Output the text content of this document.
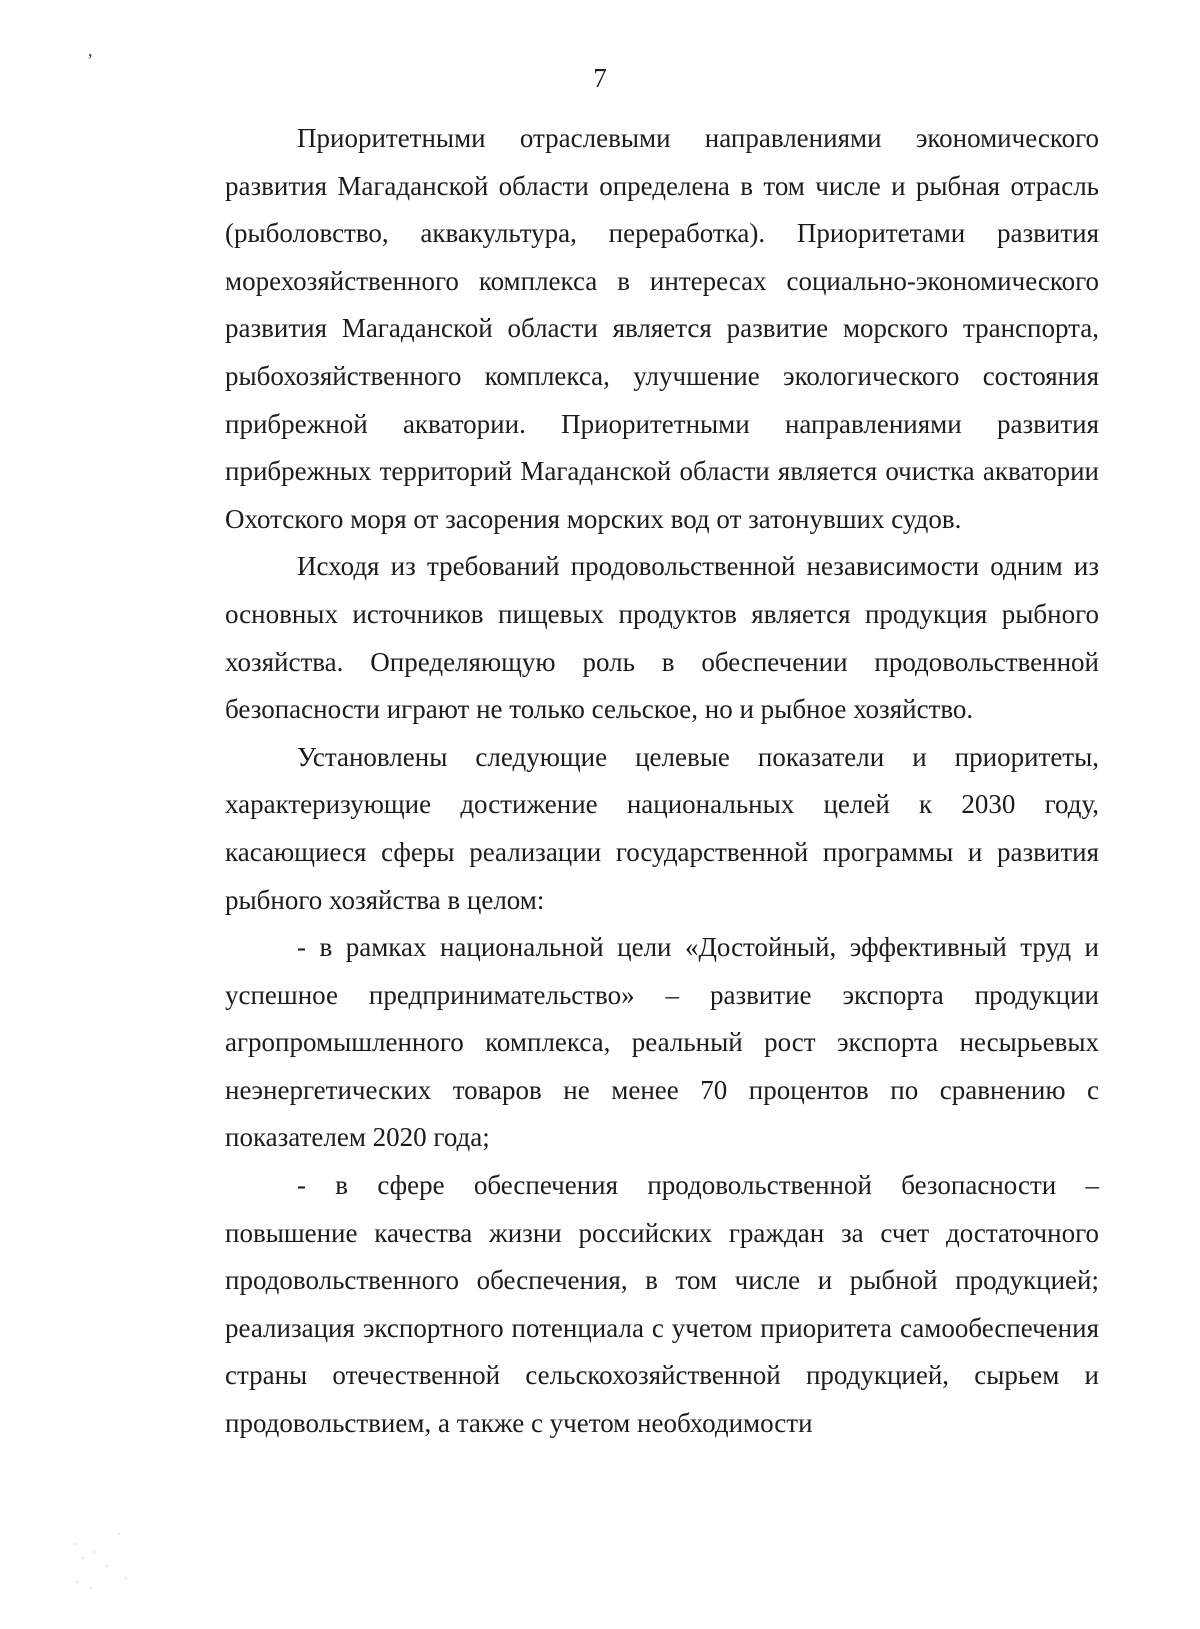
,
7

Приоритетными отраслевыми направлениями экономического развития Магаданской области определена в том числе и рыбная отрасль (рыболовство, аквакультура, переработка). Приоритетами развития морехозяйственного комплекса в интересах социально-экономического развития Магаданской области является развитие морского транспорта, рыбохозяйственного комплекса, улучшение экологического состояния прибрежной акватории. Приоритетными направлениями развития прибрежных территорий Магаданской области является очистка акватории Охотского моря от засорения морских вод от затонувших судов.

Исходя из требований продовольственной независимости одним из основных источников пищевых продуктов является продукция рыбного хозяйства. Определяющую роль в обеспечении продовольственной безопасности играют не только сельское, но и рыбное хозяйство.

Установлены следующие целевые показатели и приоритеты, характеризующие достижение национальных целей к 2030 году, касающиеся сферы реализации государственной программы и развития рыбного хозяйства в целом:

- в рамках национальной цели «Достойный, эффективный труд и успешное предпринимательство» – развитие экспорта продукции агропромышленного комплекса, реальный рост экспорта несырьевых неэнергетических товаров не менее 70 процентов по сравнению с показателем 2020 года;

- в сфере обеспечения продовольственной безопасности – повышение качества жизни российских граждан за счет достаточного продовольственного обеспечения, в том числе и рыбной продукцией; реализация экспортного потенциала с учетом приоритета самообеспечения страны отечественной сельскохозяйственной продукцией, сырьем и продовольствием, а также с учетом необходимости
